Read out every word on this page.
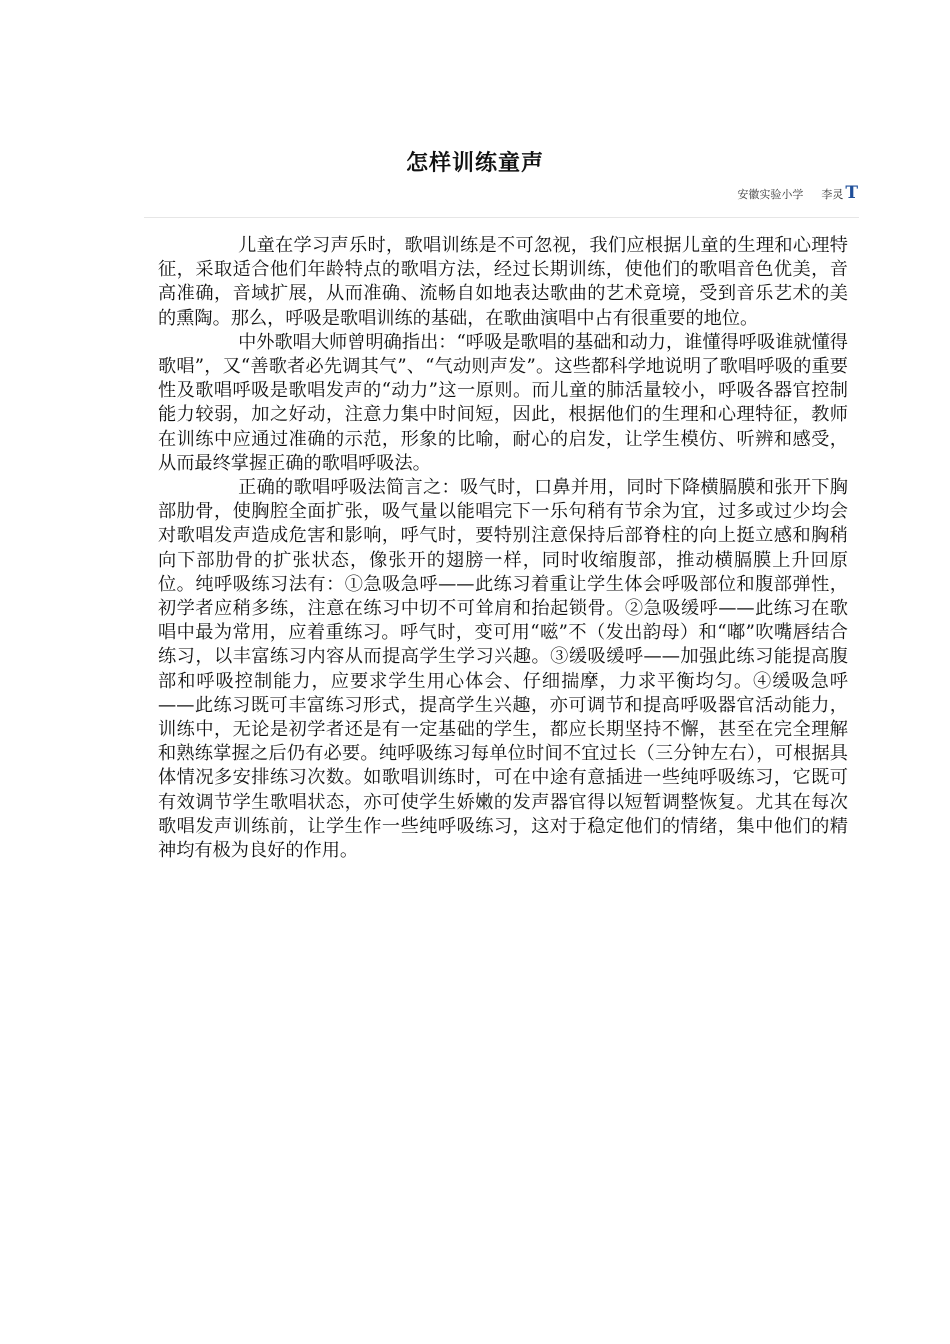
怎样训练童声
安徽实验小学 李灵 T

儿童在学习声乐时，歌唱训练是不可忽视，我们应根据儿童的生理和心理特征，采取适合他们年龄特点的歌唱方法，经过长期训练，使他们的歌唱音色优美，音高准确，音域扩展，从而准确、流畅自如地表达歌曲的艺术竟境，受到音乐艺术的美的熏陶。那么，呼吸是歌唱训练的基础，在歌曲演唱中占有很重要的地位。

中外歌唱大师曾明确指出：“呼吸是歌唱的基础和动力，谁懂得呼吸谁就懂得歌唱”，又“善歌者必先调其气”、“气动则声发”。这些都科学地说明了歌唱呼吸的重要性及歌唱呼吸是歌唱发声的“动力”这一原则。而儿童的肺活量较小，呼吸各器官控制能力较弱，加之好动，注意力集中时间短，因此，根据他们的生理和心理特征，教师在训练中应通过准确的示范，形象的比喻，耐心的启发，让学生模仿、听辨和感受，从而最终掌握正确的歌唱呼吸法。

正确的歌唱呼吸法简言之：吸气时，口鼻并用，同时下降横膈膜和张开下胸部肋骨，使胸腔全面扩张，吸气量以能唱完下一乐句稍有节余为宜，过多或过少均会对歌唱发声造成危害和影响，呼气时，要特别注意保持后部脊柱的向上挺立感和胸稍向下部肋骨的扩张状态，像张开的翅膀一样，同时收缩腹部，推动横膈膜上升回原位。纯呼吸练习法有：①急吸急呼——此练习着重让学生体会呼吸部位和腹部弹性，初学者应稍多练，注意在练习中切不可耸肩和抬起锁骨。②急吸缓呼——此练习在歌唱中最为常用，应着重练习。呼气时，变可用“嗞”不（发出韵母）和“嘟”吹嘴唇结合练习，以丰富练习内容从而提高学生学习兴趣。③缓吸缓呼——加强此练习能提高腹部和呼吸控制能力，应要求学生用心体会、仔细揣摩，力求平衡均匀。④缓吸急呼——此练习既可丰富练习形式，提高学生兴趣，亦可调节和提高呼吸器官活动能力，训练中，无论是初学者还是有一定基础的学生，都应长期坚持不懈，甚至在完全理解和熟练掌握之后仍有必要。纯呼吸练习每单位时间不宜过长（三分钟左右），可根据具体情况多安排练习次数。如歌唱训练时，可在中途有意插进一些纯呼吸练习，它既可有效调节学生歌唱状态，亦可使学生娇嫩的发声器官得以短暂调整恢复。尤其在每次歌唱发声训练前，让学生作一些纯呼吸练习，这对于稳定他们的情绪，集中他们的精神均有极为良好的作用。
